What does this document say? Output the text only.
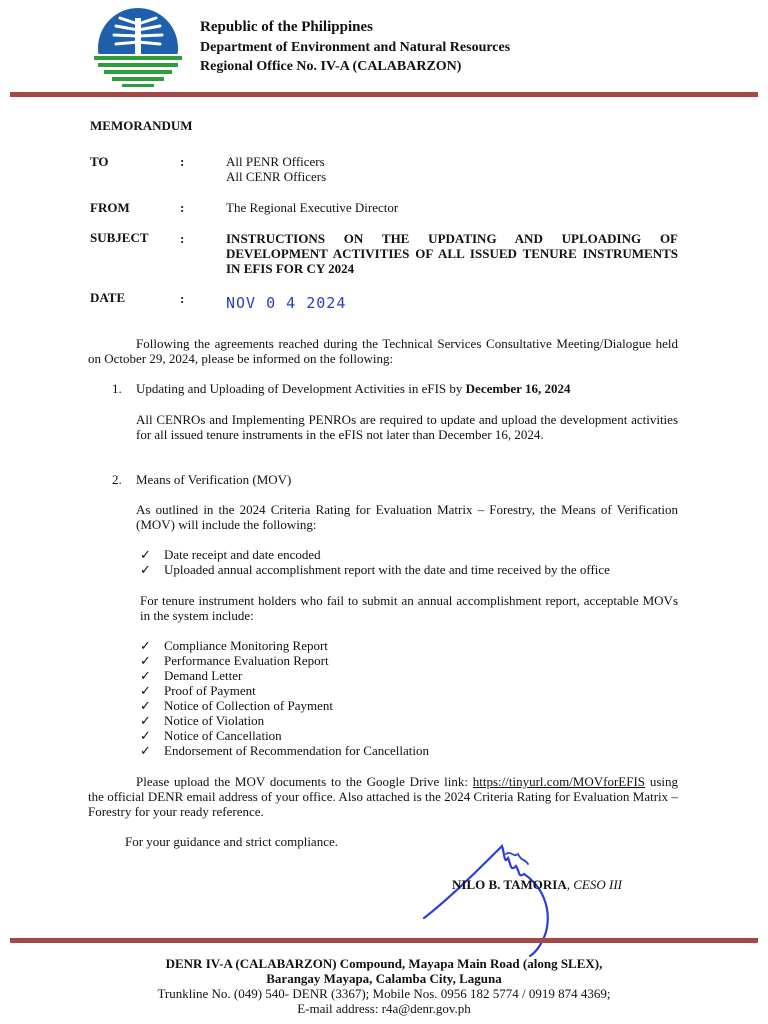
Republic of the Philippines
Department of Environment and Natural Resources
Regional Office No. IV-A (CALABARZON)
MEMORANDUM
TO	:	All PENR Officers
All CENR Officers
FROM	:	The Regional Executive Director
SUBJECT :	INSTRUCTIONS ON THE UPDATING AND UPLOADING OF DEVELOPMENT ACTIVITIES OF ALL ISSUED TENURE INSTRUMENTS IN EFIS FOR CY 2024
DATE	:	NOV 0 4 2024
Following the agreements reached during the Technical Services Consultative Meeting/Dialogue held on October 29, 2024, please be informed on the following:
1. Updating and Uploading of Development Activities in eFIS by December 16, 2024
All CENROs and Implementing PENROs are required to update and upload the development activities for all issued tenure instruments in the eFIS not later than December 16, 2024.
2. Means of Verification (MOV)
As outlined in the 2024 Criteria Rating for Evaluation Matrix – Forestry, the Means of Verification (MOV) will include the following:
✓ Date receipt and date encoded
✓ Uploaded annual accomplishment report with the date and time received by the office
For tenure instrument holders who fail to submit an annual accomplishment report, acceptable MOVs in the system include:
✓ Compliance Monitoring Report
✓ Performance Evaluation Report
✓ Demand Letter
✓ Proof of Payment
✓ Notice of Collection of Payment
✓ Notice of Violation
✓ Notice of Cancellation
✓ Endorsement of Recommendation for Cancellation
Please upload the MOV documents to the Google Drive link: https://tinyurl.com/MOVforEFIS using the official DENR email address of your office. Also attached is the 2024 Criteria Rating for Evaluation Matrix – Forestry for your ready reference.
For your guidance and strict compliance.
NILO B. TAMORIA, CESO III
DENR IV-A (CALABARZON) Compound, Mayapa Main Road (along SLEX),
Barangay Mayapa, Calamba City, Laguna
Trunkline No. (049) 540- DENR (3367); Mobile Nos. 0956 182 5774 / 0919 874 4369;
E-mail address: r4a@denr.gov.ph
